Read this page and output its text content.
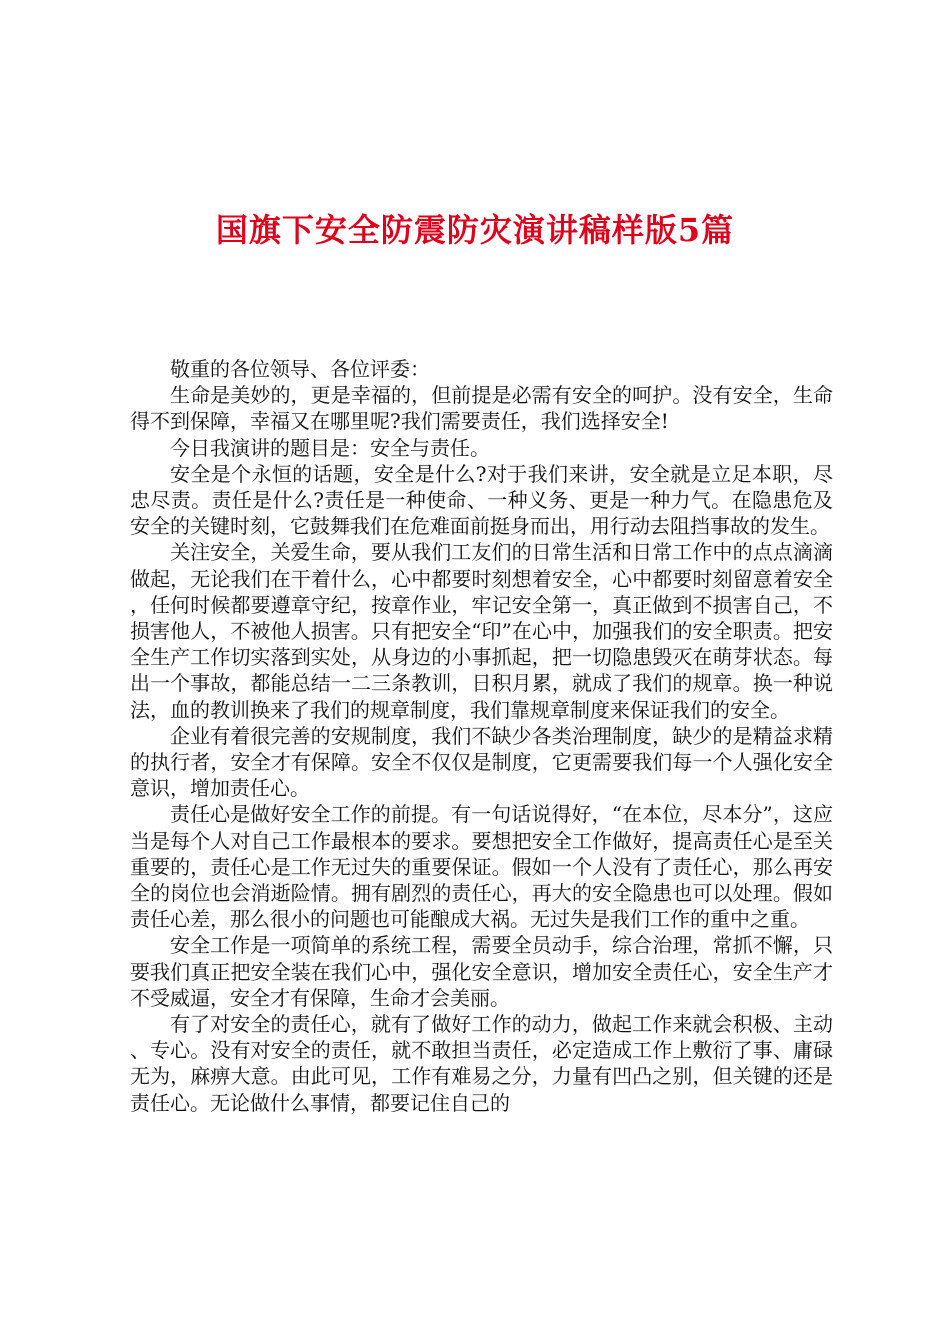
国旗下安全防震防灾演讲稿样版5篇

敬重的各位领导、各位评委：

生命是美妙的，更是幸福的，但前提是必需有安全的呵护。没有安全，生命得不到保障，幸福又在哪里呢?我们需要责任，我们选择安全!

今日我演讲的题目是：安全与责任。

安全是个永恒的话题，安全是什么?对于我们来讲，安全就是立足本职，尽忠尽责。责任是什么?责任是一种使命、一种义务、更是一种力气。在隐患危及安全的关键时刻，它鼓舞我们在危难面前挺身而出，用行动去阻挡事故的发生。

关注安全，关爱生命，要从我们工友们的日常生活和日常工作中的点点滴滴做起，无论我们在干着什么，心中都要时刻想着安全，心中都要时刻留意着安全，任何时候都要遵章守纪，按章作业，牢记安全第一，真正做到不损害自己，不损害他人，不被他人损害。只有把安全“印”在心中，加强我们的安全职责。把安全生产工作切实落到实处，从身边的小事抓起，把一切隐患毁灭在萌芽状态。每出一个事故，都能总结一二三条教训，日积月累，就成了我们的规章。换一种说法，血的教训换来了我们的规章制度，我们靠规章制度来保证我们的安全。

企业有着很完善的安规制度，我们不缺少各类治理制度，缺少的是精益求精的执行者，安全才有保障。安全不仅仅是制度，它更需要我们每一个人强化安全意识，增加责任心。

责任心是做好安全工作的前提。有一句话说得好，“在本位，尽本分”，这应当是每个人对自己工作最根本的要求。要想把安全工作做好，提高责任心是至关重要的，责任心是工作无过失的重要保证。假如一个人没有了责任心，那么再安全的岗位也会消逝险情。拥有剧烈的责任心，再大的安全隐患也可以处理。假如责任心差，那么很小的问题也可能酿成大祸。无过失是我们工作的重中之重。

安全工作是一项简单的系统工程，需要全员动手，综合治理，常抓不懈，只要我们真正把安全装在我们心中，强化安全意识，增加安全责任心，安全生产才不受威逼，安全才有保障，生命才会美丽。

有了对安全的责任心，就有了做好工作的动力，做起工作来就会积极、主动、专心。没有对安全的责任，就不敢担当责任，必定造成工作上敷衍了事、庸碌无为，麻痹大意。由此可见，工作有难易之分，力量有凹凸之别，但关键的还是责任心。无论做什么事情，都要记住自己的
